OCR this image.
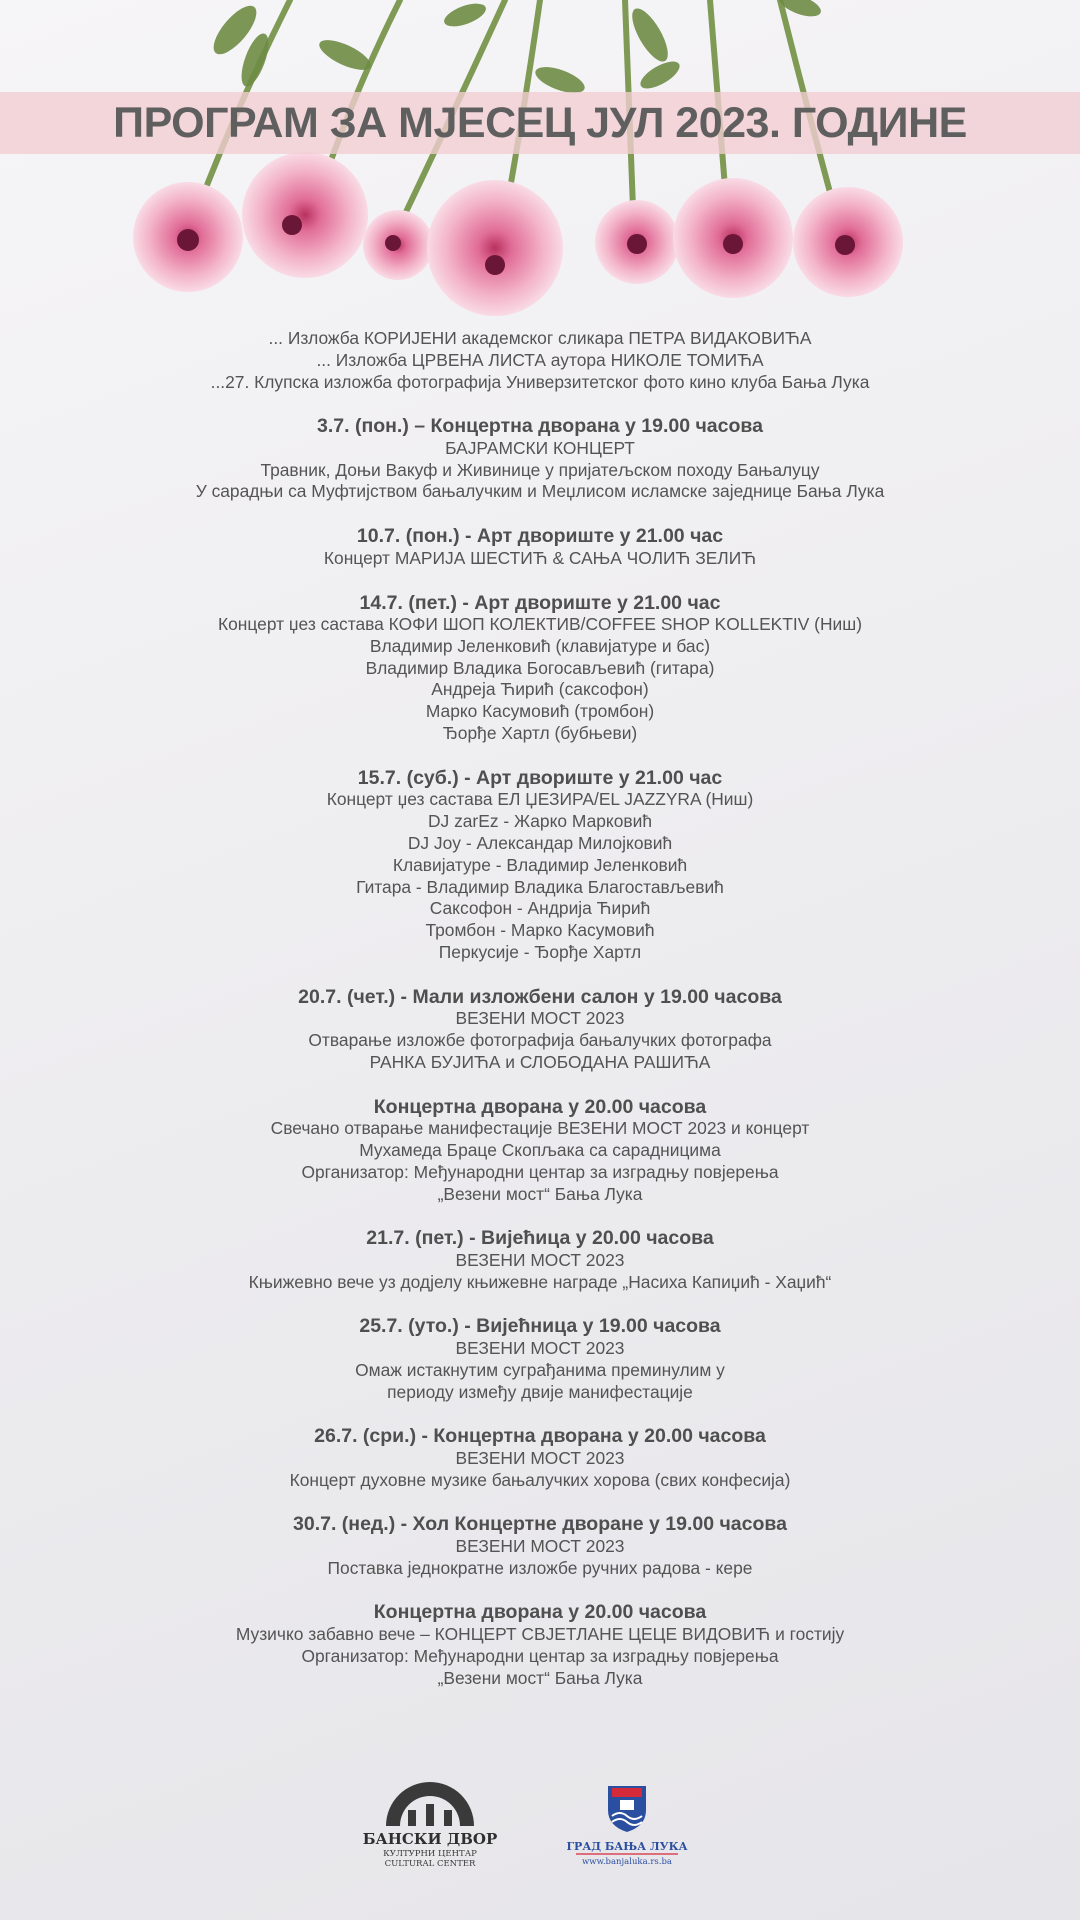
ПРОГРАМ ЗА МЈЕСЕЦ ЈУЛ 2023. ГОДИНЕ
... Изложба КОРИЈЕНИ академског сликара ПЕТРА ВИДАКОВИЋА
... Изложба ЦРВЕНА ЛИСТА аутора НИКОЛЕ ТОМИЋА
...27. Клупска изложба фотографија Универзитетског фото кино клуба Бања Лука
3.7. (пон.) – Концертна дворана у 19.00 часова
БАЈРАМСКИ КОНЦЕРТ
Травник, Доњи Вакуф и Живинице у пријатељском походу Бањалуцу
У сарадњи са Муфтијством бањалучким и Меџлисом исламске заједнице Бања Лука
10.7. (пон.) - Арт двориште у 21.00 час
Концерт МАРИЈА ШЕСТИЋ & САЊА ЧОЛИЋ ЗЕЛИЋ
14.7. (пет.) - Арт двориште у 21.00 час
Концерт џез састава КОФИ ШОП КОЛЕКТИВ/COFFEE SHOP KOLLEKTIV (Ниш)
Владимир Јеленковић (клавијатуре и бас)
Владимир Владика Богосављевић (гитара)
Андреја Ћирић (саксофон)
Марко Касумовић (тромбон)
Ђорђе Хартл (бубњеви)
15.7. (суб.) - Арт двориште у 21.00 час
Концерт џез састава ЕЛ ЏЕЗИРА/EL JAZZYRA (Ниш)
DJ zarEz - Жарко Марковић
DJ Joy - Александар Милојковић
Клавијатуре - Владимир Јеленковић
Гитара - Владимир Владика Благостављевић
Саксофон - Андрија Ћирић
Тромбон - Марко Касумовић
Перкусије - Ђорђе Хартл
20.7. (чет.) - Мали изложбени салон у 19.00 часова
ВЕЗЕНИ МОСТ 2023
Отварање изложбе фотографија бањалучких фотографа
РАНКА БУЈИЋА и СЛОБОДАНА РАШИЋА
Концертна дворана у 20.00 часова
Свечано отварање манифестације ВЕЗЕНИ МОСТ 2023 и концерт
Мухамеда Браце Скопљака са сарадницима
Организатор: Међународни центар за изградњу повјерења
„Везени мост“ Бања Лука
21.7. (пет.) - Вијећица у 20.00 часова
ВЕЗЕНИ МОСТ 2023
Књижевно вече уз додјелу књижевне награде „Насиха Капиџић - Хаџић“
25.7. (уто.) - Вијећница у 19.00 часова
ВЕЗЕНИ МОСТ 2023
Омаж истакнутим суграђанима преминулим у
периоду између двије манифестације
26.7. (сри.) - Концертна дворана у 20.00 часова
ВЕЗЕНИ МОСТ 2023
Концерт духовне музике бањалучких хорова (свих конфесија)
30.7. (нед.) - Хол Концертне дворане у 19.00 часова
ВЕЗЕНИ МОСТ 2023
Поставка једнократне изложбе ручних радова - кере
Концертна дворана у 20.00 часова
Музичко забавно вече – КОНЦЕРТ СВЈЕТЛАНЕ ЦЕЦЕ ВИДОВИЋ и гостију
Организатор: Међународни центар за изградњу повјерења
„Везени мост“ Бања Лука
БАНСКИ ДВОР
КУЛТУРНИ ЦЕНТАР
CULTURAL CENTER
ГРАД БАЊА ЛУКА
www.banjaluka.rs.ba
